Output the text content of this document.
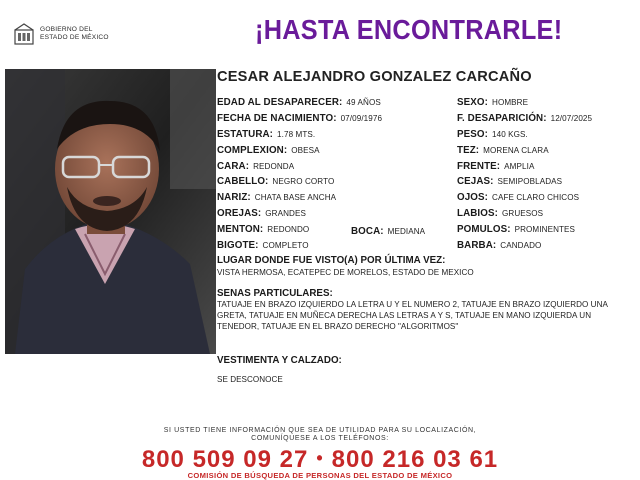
GOBIERNO DEL
ESTADO DE MÉXICO	¡HASTA ENCONTRARLE!
CESAR ALEJANDRO GONZALEZ CARCAÑO
EDAD AL DESAPARECER: 49 AÑOS
FECHA DE NACIMIENTO: 07/09/1976
ESTATURA: 1.78 MTS.
COMPLEXION: OBESA
CARA: REDONDA
CABELLO: NEGRO CORTO
NARIZ: CHATA BASE ANCHA
OREJAS: GRANDES
MENTON: REDONDO	BOCA: MEDIANA
BIGOTE: COMPLETO
SEXO: HOMBRE
F. DESAPARICIÓN: 12/07/2025
PESO: 140 KGS.
TEZ: MORENA CLARA
FRENTE: AMPLIA
CEJAS: SEMIPOBLADAS
OJOS: CAFE CLARO CHICOS
LABIOS: GRUESOS
POMULOS: PROMINENTES
BARBA: CANDADO
LUGAR DONDE FUE VISTO(A) POR ÚLTIMA VEZ:
VISTA HERMOSA, ECATEPEC DE MORELOS, ESTADO DE MEXICO
SENAS PARTICULARES:
TATUAJE EN BRAZO IZQUIERDO LA LETRA U Y EL NUMERO 2, TATUAJE EN BRAZO IZQUIERDO UNA GRETA, TATUAJE EN MUÑECA DERECHA LAS LETRAS A Y S, TATUAJE EN MANO IZQUIERDA UN TENEDOR, TATUAJE EN EL BRAZO DERECHO "ALGORITMOS"
VESTIMENTA Y CALZADO:
SE DESCONOCE
SI USTED TIENE INFORMACIÓN QUE SEA DE UTILIDAD PARA SU LOCALIZACIÓN,
COMUNÍQUESE A LOS TELÉFONOS:
800 509 09 27 • 800 216 03 61
COMISIÓN DE BÚSQUEDA DE PERSONAS DEL ESTADO DE MÉXICO
